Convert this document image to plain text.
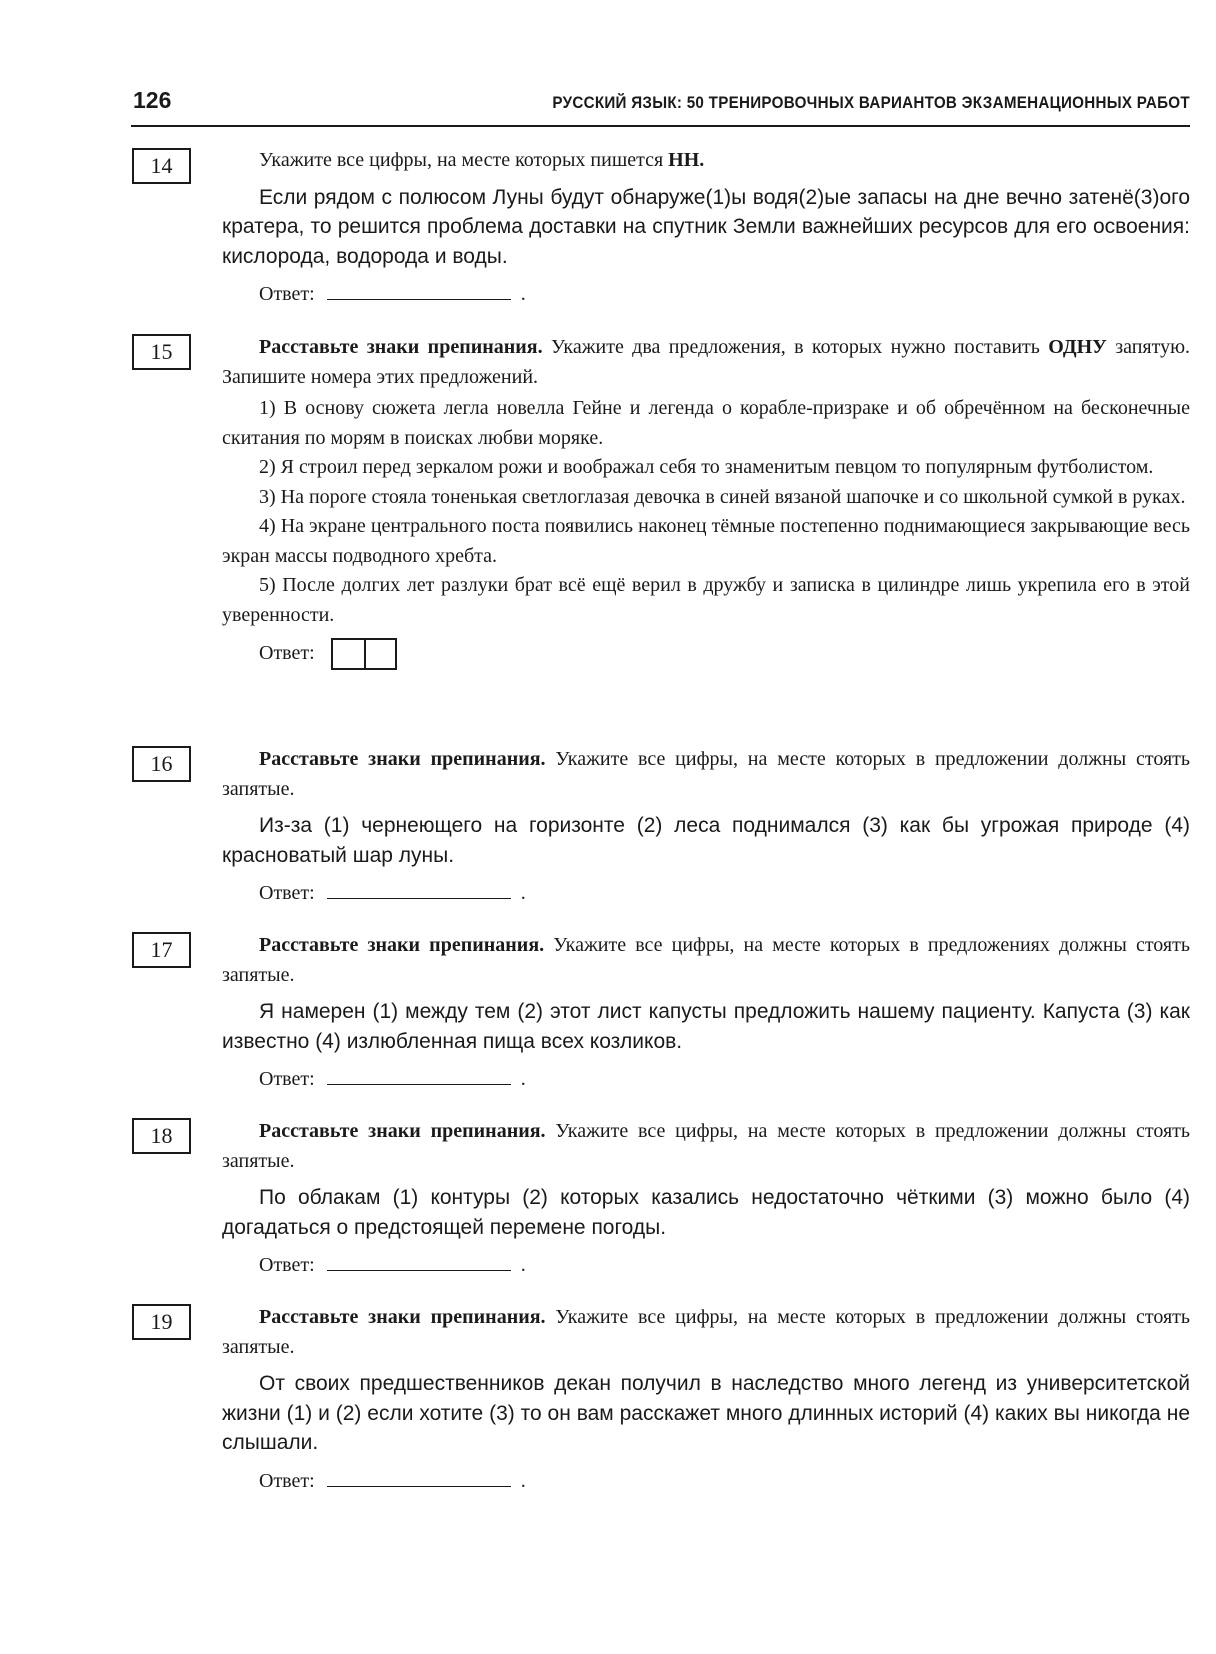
126	РУССКИЙ ЯЗЫК: 50 ТРЕНИРОВОЧНЫХ ВАРИАНТОВ ЭКЗАМЕНАЦИОННЫХ РАБОТ
14	Укажите все цифры, на месте которых пишется НН.
Если рядом с полюсом Луны будут обнаруже(1)ы водя(2)ые запасы на дне вечно затенё(3)ого кратера, то решится проблема доставки на спутник Земли важнейших ресурсов для его освоения: кислорода, водорода и воды.
Ответ:	.
15	Расставьте знаки препинания. Укажите два предложения, в которых нужно поставить ОДНУ запятую. Запишите номера этих предложений.
1) В основу сюжета легла новелла Гейне и легенда о корабле-призраке и об обречённом на бесконечные скитания по морям в поисках любви моряке.
2) Я строил перед зеркалом рожи и воображал себя то знаменитым певцом то популярным футболистом.
3) На пороге стояла тоненькая светлоглазая девочка в синей вязаной шапочке и со школьной сумкой в руках.
4) На экране центрального поста появились наконец тёмные постепенно поднимающиеся закрывающие весь экран массы подводного хребта.
5) После долгих лет разлуки брат всё ещё верил в дружбу и записка в цилиндре лишь укрепила его в этой уверенности.
Ответ:
16	Расставьте знаки препинания. Укажите все цифры, на месте которых в предложении должны стоять запятые.
Из-за (1) чернеющего на горизонте (2) леса поднимался (3) как бы угрожая природе (4) красноватый шар луны.
Ответ:	.
17	Расставьте знаки препинания. Укажите все цифры, на месте которых в предложениях должны стоять запятые.
Я намерен (1) между тем (2) этот лист капусты предложить нашему пациенту. Капуста (3) как известно (4) излюбленная пища всех козликов.
Ответ:	.
18	Расставьте знаки препинания. Укажите все цифры, на месте которых в предложении должны стоять запятые.
По облакам (1) контуры (2) которых казались недостаточно чёткими (3) можно было (4) догадаться о предстоящей перемене погоды.
Ответ:	.
19	Расставьте знаки препинания. Укажите все цифры, на месте которых в предложении должны стоять запятые.
От своих предшественников декан получил в наследство много легенд из университетской жизни (1) и (2) если хотите (3) то он вам расскажет много длинных историй (4) каких вы никогда не слышали.
Ответ:	.
